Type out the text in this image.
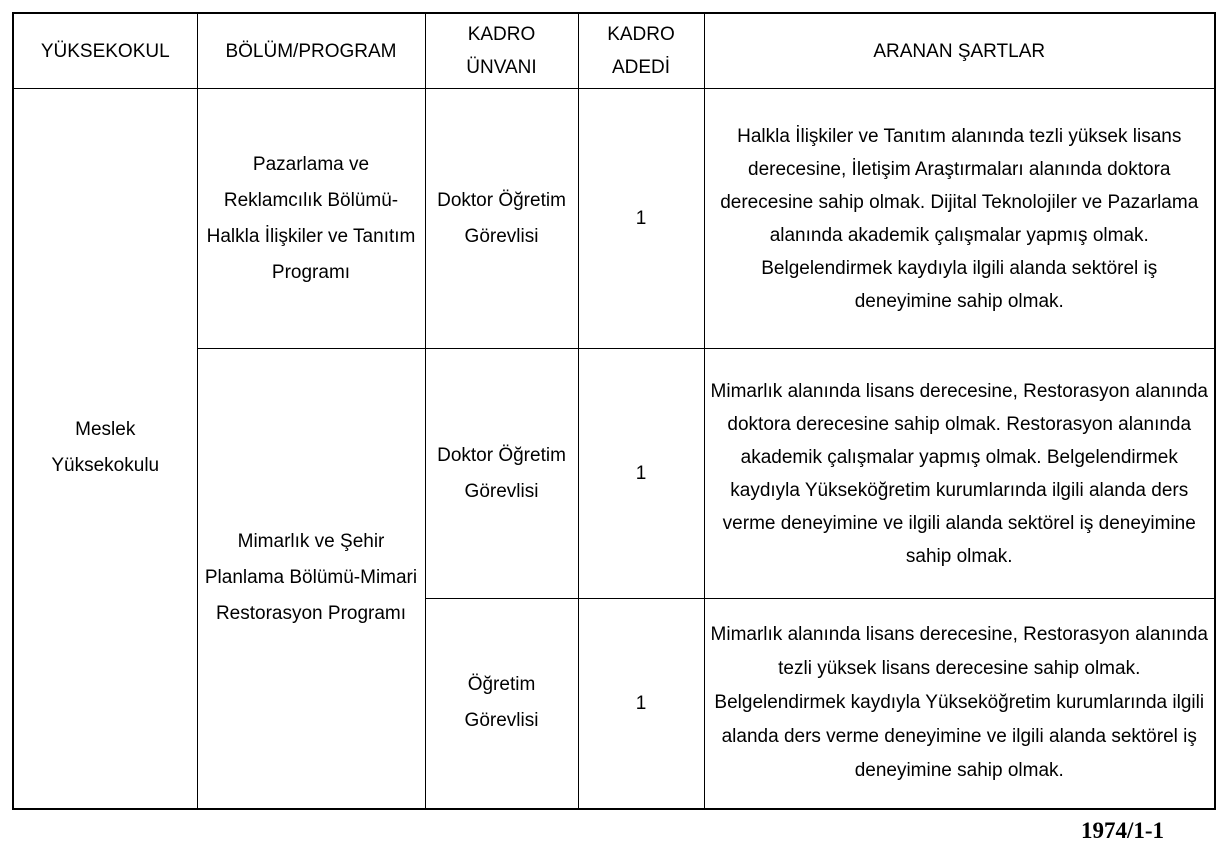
YÜKSEKOKUL	BÖLÜM/PROGRAM	KADRO ÜNVANI	KADRO ADEDİ	ARANAN ŞARTLAR
Meslek Yüksekokulu	Pazarlama ve Reklamcılık Bölümü-Halkla İlişkiler ve Tanıtım Programı	Doktor Öğretim Görevlisi	1	Halkla İlişkiler ve Tanıtım alanında tezli yüksek lisans derecesine, İletişim Araştırmaları alanında doktora derecesine sahip olmak. Dijital Teknolojiler ve Pazarlama alanında akademik çalışmalar yapmış olmak. Belgelendirmek kaydıyla ilgili alanda sektörel iş deneyimine sahip olmak.
	Mimarlık ve Şehir Planlama Bölümü-Mimari Restorasyon Programı	Doktor Öğretim Görevlisi	1	Mimarlık alanında lisans derecesine, Restorasyon alanında doktora derecesine sahip olmak. Restorasyon alanında akademik çalışmalar yapmış olmak. Belgelendirmek kaydıyla Yükseköğretim kurumlarında ilgili alanda ders verme deneyimine ve ilgili alanda sektörel iş deneyimine sahip olmak.
		Öğretim Görevlisi	1	Mimarlık alanında lisans derecesine, Restorasyon alanında tezli yüksek lisans derecesine sahip olmak. Belgelendirmek kaydıyla Yükseköğretim kurumlarında ilgili alanda ders verme deneyimine ve ilgili alanda sektörel iş deneyimine sahip olmak.
1974/1-1
